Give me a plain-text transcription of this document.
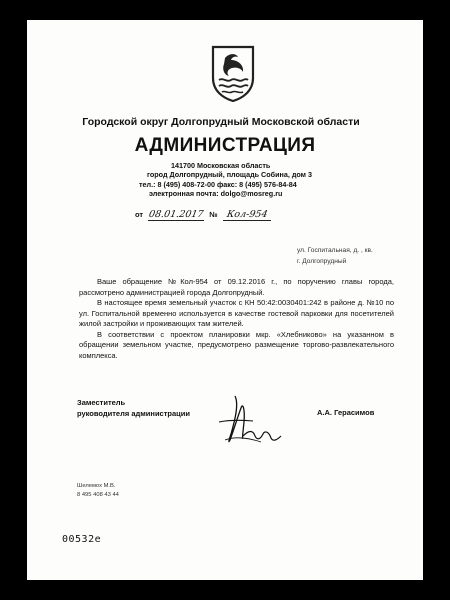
Городской округ Долгопрудный Московской области
АДМИНИСТРАЦИЯ
141700 Московская область
город Долгопрудный, площадь Собина, дом 3
тел.: 8 (495) 408-72-00 факс: 8 (495) 576-84-84
электронная почта: dolgo@mosreg.ru
от 08.01.2017 № Кол-954
ул. Госпитальная, д. , кв.
г. Долгопрудный

Ваше обращение №Кол-954 от 09.12.2016 г., по поручению главы города, рассмотрено администрацией города Долгопрудный.

В настоящее время земельный участок с КН 50:42:0030401:242 в районе д. №10 по ул. Госпитальной временно используется в качестве гостевой парковки для посетителей жилой застройки и проживающих там жителей.

В соответствии с проектом планировки мкр. «Хлебниково» на указанном в обращении земельном участке, предусмотрено размещение торгово-развлекательного комплекса.

Заместитель
руководителя администрации	А.А. Герасимов
Шелемох М.В.
8 495 408 43 44
00532e
